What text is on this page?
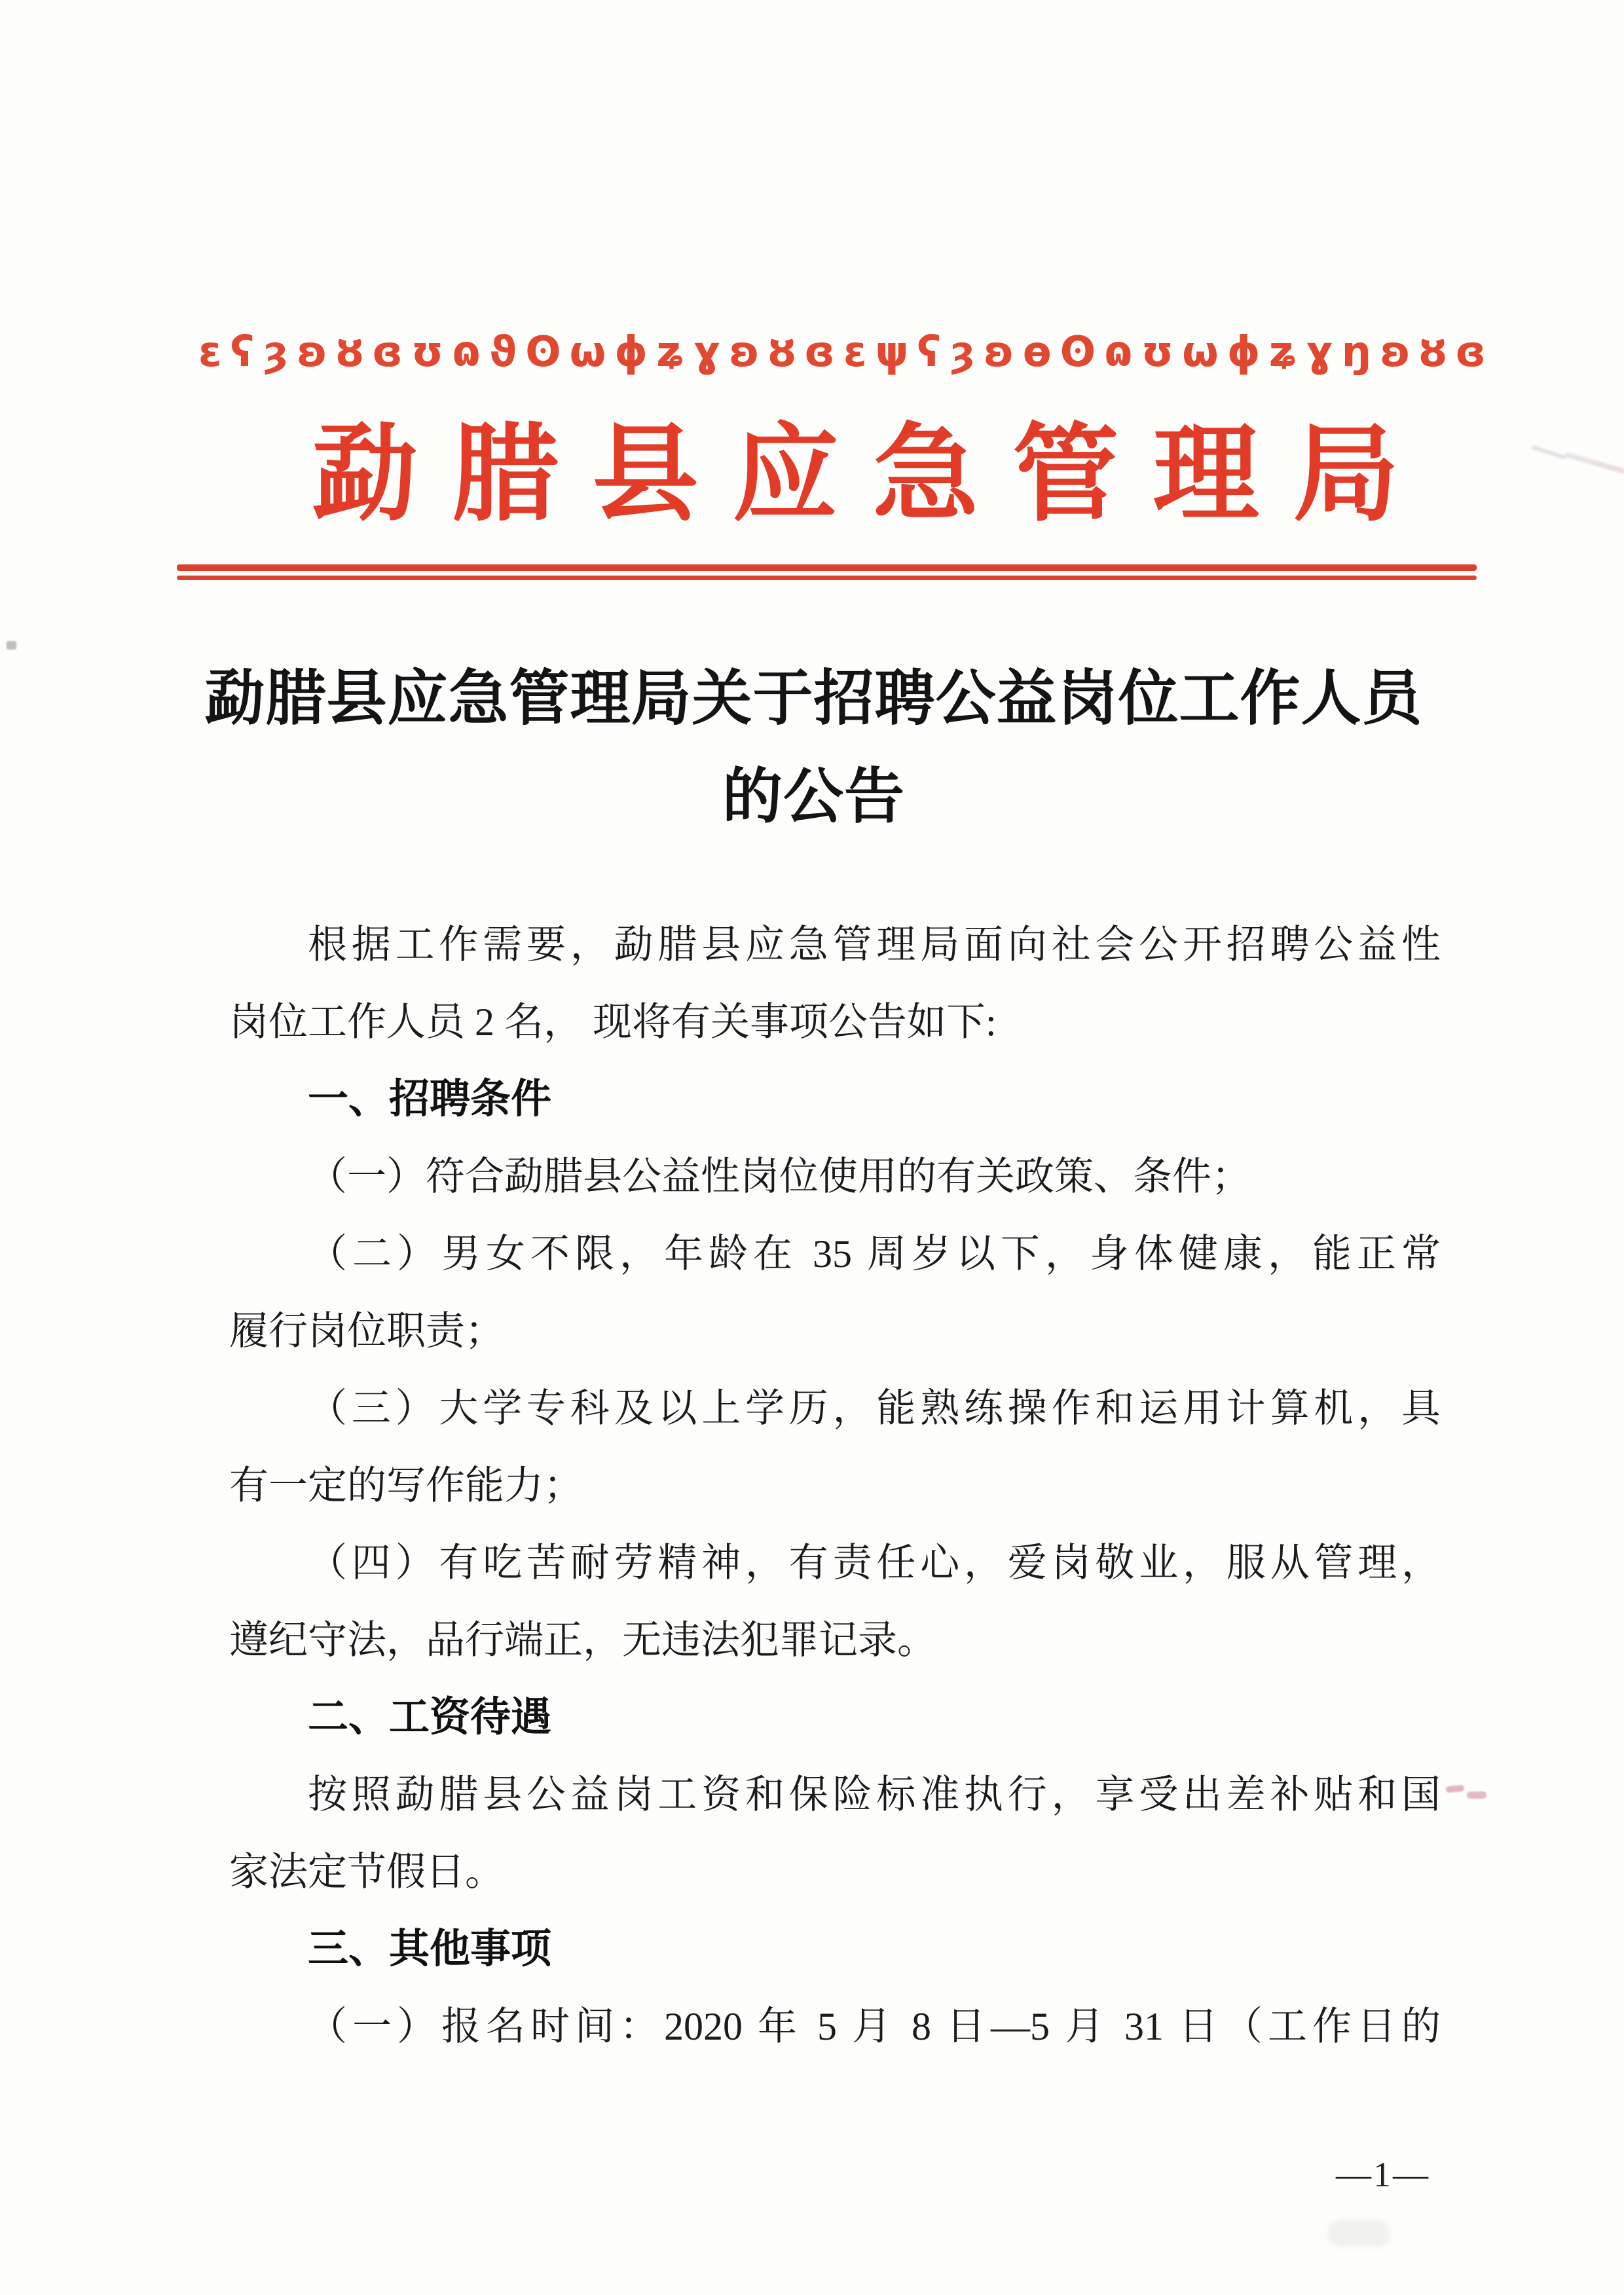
ɛʕȝʚȣɞʊɷϑʘωɸʑɣʚȣɞɛψʕȝʚѳʘɷʊωɸʑɣŋʚȣɞ
勐腊县应急管理局
勐腊县应急管理局关于招聘公益岗位工作人员
的公告
根据工作需要，勐腊县应急管理局面向社会公开招聘公益性
岗位工作人员 2 名， 现将有关事项公告如下:
一、招聘条件
（一）符合勐腊县公益性岗位使用的有关政策、条件；
（二）男女不限，年龄在 35 周岁以下，身体健康，能正常
履行岗位职责；
（三）大学专科及以上学历，能熟练操作和运用计算机，具
有一定的写作能力；
（四）有吃苦耐劳精神，有责任心，爱岗敬业，服从管理，
遵纪守法，品行端正，无违法犯罪记录。
二、工资待遇
按照勐腊县公益岗工资和保险标准执行，享受出差补贴和国
家法定节假日。
三、其他事项
（一）报名时间：2020 年 5 月 8 日—5 月 31 日（工作日的
—1—
